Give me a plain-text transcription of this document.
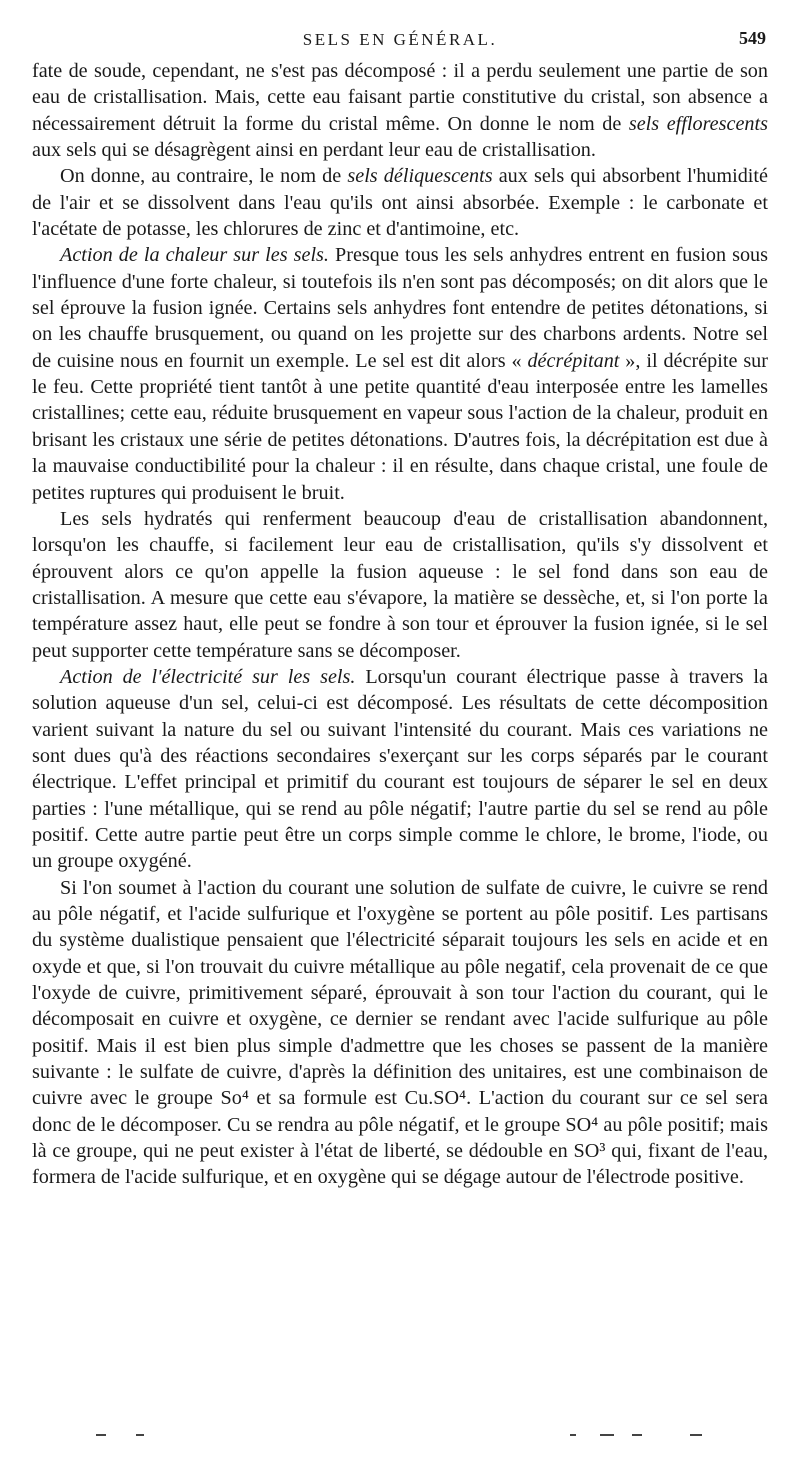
SELS EN GÉNÉRAL.	549

fate de soude, cependant, ne s'est pas décomposé : il a perdu seulement une partie de son eau de cristallisation. Mais, cette eau faisant partie constitutive du cristal, son absence a nécessairement détruit la forme du cristal même. On donne le nom de sels efflorescents aux sels qui se désagrègent ainsi en perdant leur eau de cristallisation.

On donne, au contraire, le nom de sels déliquescents aux sels qui absorbent l'humidité de l'air et se dissolvent dans l'eau qu'ils ont ainsi absorbée. Exemple : le carbonate et l'acétate de potasse, les chlorures de zinc et d'antimoine, etc.

Action de la chaleur sur les sels. Presque tous les sels anhydres entrent en fusion sous l'influence d'une forte chaleur, si toutefois ils n'en sont pas décomposés; on dit alors que le sel éprouve la fusion ignée. Certains sels anhydres font entendre de petites détonations, si on les chauffe brusquement, ou quand on les projette sur des charbons ardents. Notre sel de cuisine nous en fournit un exemple. Le sel est dit alors « décrépitant », il décrépite sur le feu. Cette propriété tient tantôt à une petite quantité d'eau interposée entre les lamelles cristallines; cette eau, réduite brusquement en vapeur sous l'action de la chaleur, produit en brisant les cristaux une série de petites détonations. D'autres fois, la décrépitation est due à la mauvaise conductibilité pour la chaleur : il en résulte, dans chaque cristal, une foule de petites ruptures qui produisent le bruit.

Les sels hydratés qui renferment beaucoup d'eau de cristallisation abandonnent, lorsqu'on les chauffe, si facilement leur eau de cristallisation, qu'ils s'y dissolvent et éprouvent alors ce qu'on appelle la fusion aqueuse : le sel fond dans son eau de cristallisation. A mesure que cette eau s'évapore, la matière se dessèche, et, si l'on porte la température assez haut, elle peut se fondre à son tour et éprouver la fusion ignée, si le sel peut supporter cette température sans se décomposer.

Action de l'électricité sur les sels. Lorsqu'un courant électrique passe à travers la solution aqueuse d'un sel, celui-ci est décomposé. Les résultats de cette décomposition varient suivant la nature du sel ou suivant l'intensité du courant. Mais ces variations ne sont dues qu'à des réactions secondaires s'exerçant sur les corps séparés par le courant électrique. L'effet principal et primitif du courant est toujours de séparer le sel en deux parties : l'une métallique, qui se rend au pôle négatif; l'autre partie du sel se rend au pôle positif. Cette autre partie peut être un corps simple comme le chlore, le brome, l'iode, ou un groupe oxygéné.

Si l'on soumet à l'action du courant une solution de sulfate de cuivre, le cuivre se rend au pôle négatif, et l'acide sulfurique et l'oxygène se portent au pôle positif. Les partisans du système dualistique pensaient que l'électricité séparait toujours les sels en acide et en oxyde et que, si l'on trouvait du cuivre métallique au pôle negatif, cela provenait de ce que l'oxyde de cuivre, primitivement séparé, éprouvait à son tour l'action du courant, qui le décomposait en cuivre et oxygène, ce dernier se rendant avec l'acide sulfurique au pôle positif. Mais il est bien plus simple d'admettre que les choses se passent de la manière suivante : le sulfate de cuivre, d'après la définition des unitaires, est une combinaison de cuivre avec le groupe So⁴ et sa formule est Cu.SO⁴. L'action du courant sur ce sel sera donc de le décomposer. Cu se rendra au pôle négatif, et le groupe SO⁴ au pôle positif; mais là ce groupe, qui ne peut exister à l'état de liberté, se dédouble en SO³ qui, fixant de l'eau, formera de l'acide sulfurique, et en oxygène qui se dégage autour de l'électrode positive.
